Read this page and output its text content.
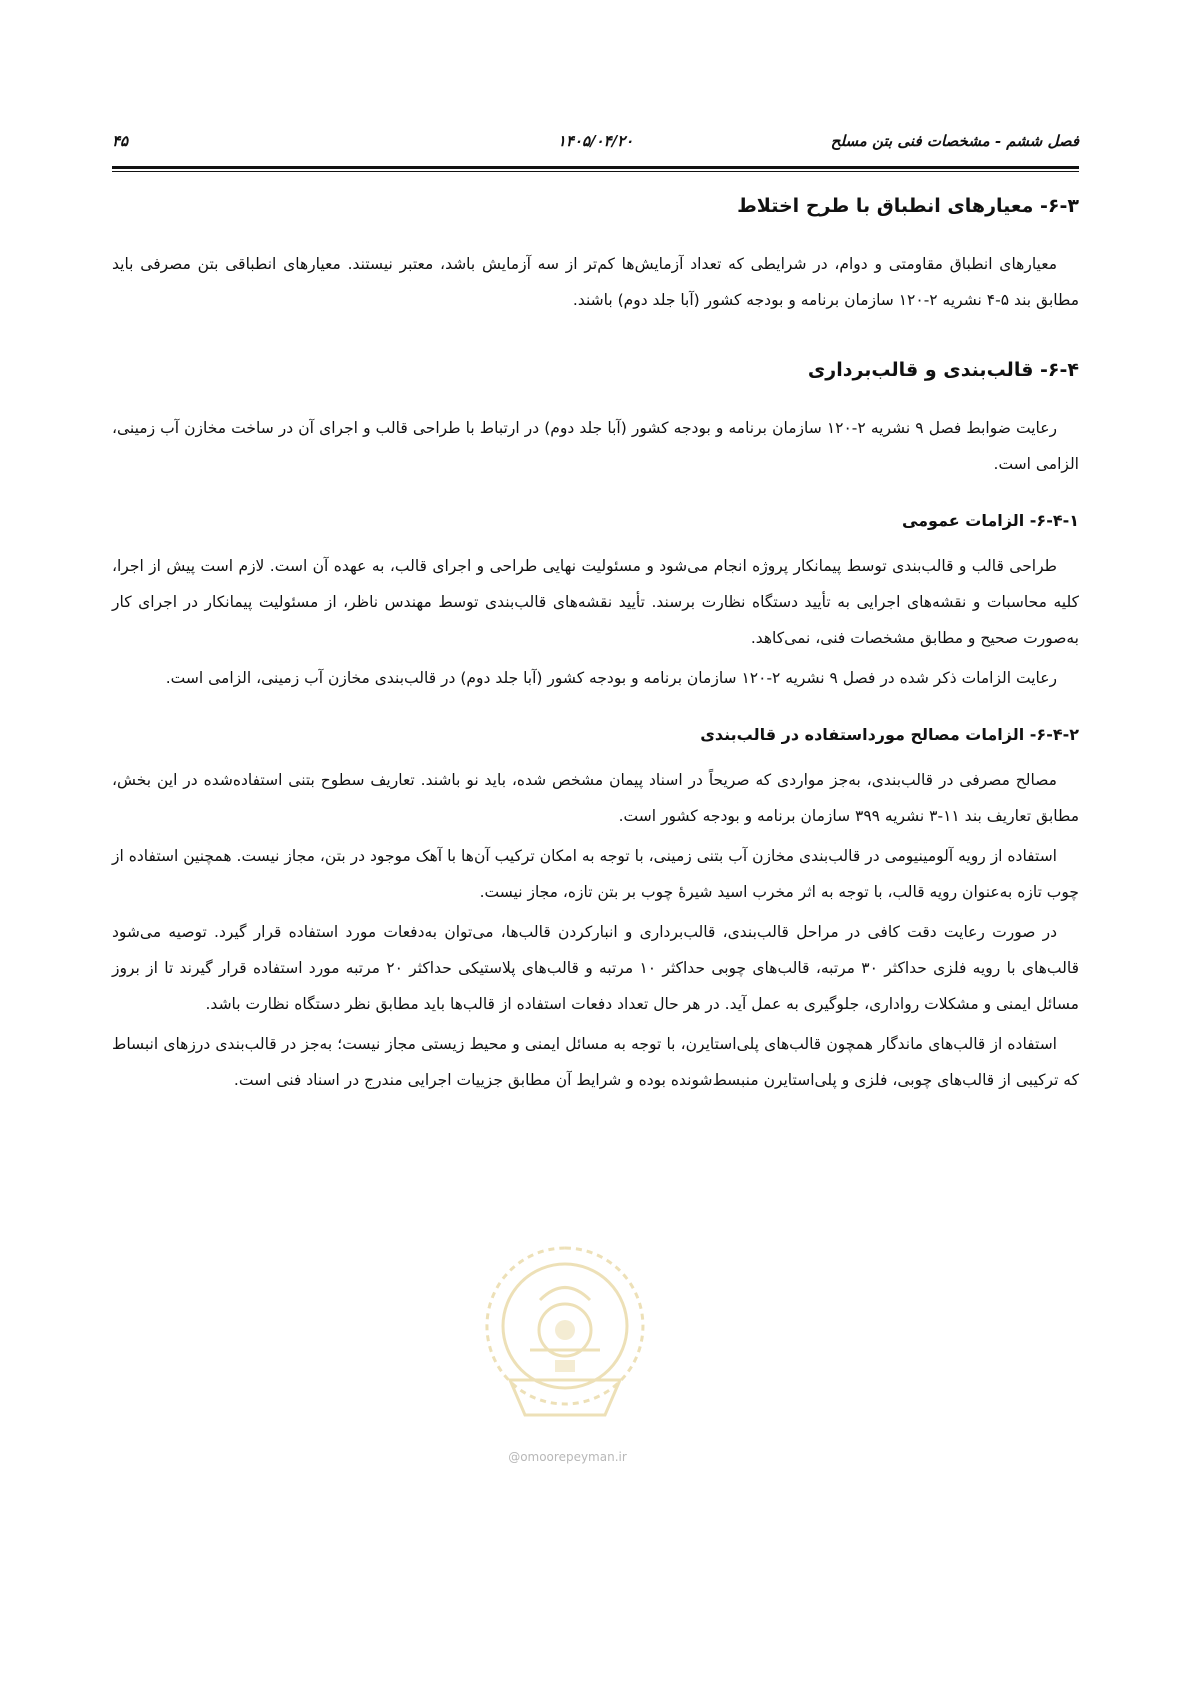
فصل ششم - مشخصات فنی بتن مسلح
۱۴۰۵/۰۴/۲۰
۴۵
۶-۳- معیارهای انطباق با طرح اختلاط

معیارهای انطباق مقاومتی و دوام، در شرایطی که تعداد آزمایش‌ها کم‌تر از سه آزمایش باشد، معتبر نیستند. معیارهای انطباقی بتن مصرفی باید مطابق بند ۵-۴ نشریه ۲-۱۲۰ سازمان برنامه و بودجه کشور (آبا جلد دوم) باشند.

۶-۴- قالب‌بندی و قالب‌برداری

رعایت ضوابط فصل ۹ نشریه ۲-۱۲۰ سازمان برنامه و بودجه کشور (آبا جلد دوم) در ارتباط با طراحی قالب و اجرای آن در ساخت مخازن آب زمینی، الزامی است.

۶-۴-۱- الزامات عمومی

طراحی قالب و قالب‌بندی توسط پیمانکار پروژه انجام می‌شود و مسئولیت نهایی طراحی و اجرای قالب، به عهده آن است. لازم است پیش از اجرا، کلیه محاسبات و نقشه‌های اجرایی به تأیید دستگاه نظارت برسند. تأیید نقشه‌های قالب‌بندی توسط مهندس ناظر، از مسئولیت پیمانکار در اجرای کار به‌صورت صحیح و مطابق مشخصات فنی، نمی‌کاهد.

رعایت الزامات ذکر شده در فصل ۹ نشریه ۲-۱۲۰ سازمان برنامه و بودجه کشور (آبا جلد دوم) در قالب‌بندی مخازن آب زمینی، الزامی است.

۶-۴-۲- الزامات مصالح مورداستفاده در قالب‌بندی

مصالح مصرفی در قالب‌بندی، به‌جز مواردی که صریحاً در اسناد پیمان مشخص شده، باید نو باشند. تعاریف سطوح بتنی استفاده‌شده در این بخش، مطابق تعاریف بند ۱۱-۳ نشریه ۳۹۹ سازمان برنامه و بودجه کشور است.

استفاده از رویه آلومینیومی در قالب‌بندی مخازن آب بتنی زمینی، با توجه به امکان ترکیب آن‌ها با آهک موجود در بتن، مجاز نیست. همچنین استفاده از چوب تازه به‌عنوان رویه قالب، با توجه به اثر مخرب اسید شیرهٔ چوب بر بتن تازه، مجاز نیست.

در صورت رعایت دقت کافی در مراحل قالب‌بندی، قالب‌برداری و انبارکردن قالب‌ها، می‌توان به‌دفعات مورد استفاده قرار گیرد. توصیه می‌شود قالب‌های با رویه فلزی حداکثر ۳۰ مرتبه، قالب‌های چوبی حداکثر ۱۰ مرتبه و قالب‌های پلاستیکی حداکثر ۲۰ مرتبه مورد استفاده قرار گیرند تا از بروز مسائل ایمنی و مشکلات رواداری، جلوگیری به عمل آید. در هر حال تعداد دفعات استفاده از قالب‌ها باید مطابق نظر دستگاه نظارت باشد.

استفاده از قالب‌های ماندگار همچون قالب‌های پلی‌استایرن، با توجه به مسائل ایمنی و محیط زیستی مجاز نیست؛ به‌جز در قالب‌بندی درزهای انبساط که ترکیبی از قالب‌های چوبی، فلزی و پلی‌استایرن منبسط‌شونده بوده و شرایط آن مطابق جزییات اجرایی مندرج در اسناد فنی است.

@omoorepeyman.ir
